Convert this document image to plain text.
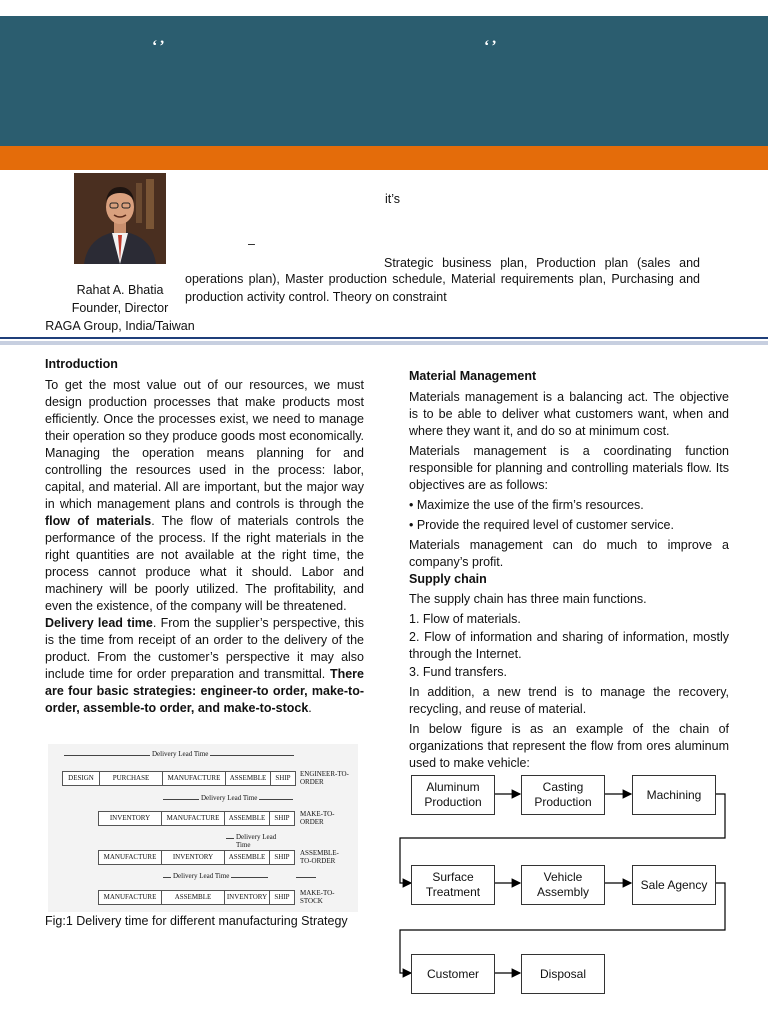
‘’	‘’
Rahat A. Bhatia
Founder, Director
RAGA Group, India/Taiwan
it’s
–
Strategic business plan, Production plan (sales and
operations plan), Master production schedule, Material requirements plan, Purchasing and
production activity control. Theory on constraint

Introduction

To get the most value out of our resources, we must design production processes that make products most efficiently. Once the processes exist, we need to manage their operation so they produce goods most economically. Managing the operation means planning for and controlling the resources used in the process: labor, capital, and material. All are important, but the major way in which management plans and controls is through the flow of materials. The flow of materials controls the performance of the process. If the right materials in the right quantities are not available at the right time, the process cannot produce what it should. Labor and machinery will be poorly utilized. The profitability, and even the existence, of the company will be threatened.

Delivery lead time. From the supplier’s perspective, this is the time from receipt of an order to the delivery of the product. From the customer’s perspective it may also include time for order preparation and transmittal. There are four basic strategies: engineer-to order, make-to-order, assemble-to order, and make-to-stock.

Delivery Lead Time
DESIGN	PURCHASE	MANUFACTURE	ASSEMBLE	SHIP	ENGINEER-TO-
ORDER
Delivery Lead Time
INVENTORY	MANUFACTURE	ASSEMBLE	SHIP	MAKE-TO-
ORDER
Delivery Lead Time
MANUFACTURE	INVENTORY	ASSEMBLE	SHIP	ASSEMBLE-
TO-ORDER
Delivery Lead Time
MANUFACTURE	ASSEMBLE	INVENTORY	SHIP	MAKE-TO-
STOCK
Fig:1 Delivery time for different manufacturing Strategy

Material Management

Materials management is a balancing act. The objective is to be able to deliver what customers want, when and where they want it, and do so at minimum cost.

Materials management is a coordinating function responsible for planning and controlling materials flow. Its objectives are as follows:

• Maximize the use of the firm’s resources.

• Provide the required level of customer service.

Materials management can do much to improve a company’s profit.

Supply chain

The supply chain has three main functions.

1. Flow of materials.

2. Flow of information and sharing of information, mostly through the Internet.

3. Fund transfers.

In addition, a new trend is to manage the recovery, recycling, and reuse of material.

In below figure is as an example of the chain of organizations that represent the flow from ores aluminum used to make vehicle:

Aluminum Production
Casting Production
Machining
Surface Treatment
Vehicle Assembly
Sale Agency
Customer	Disposal
